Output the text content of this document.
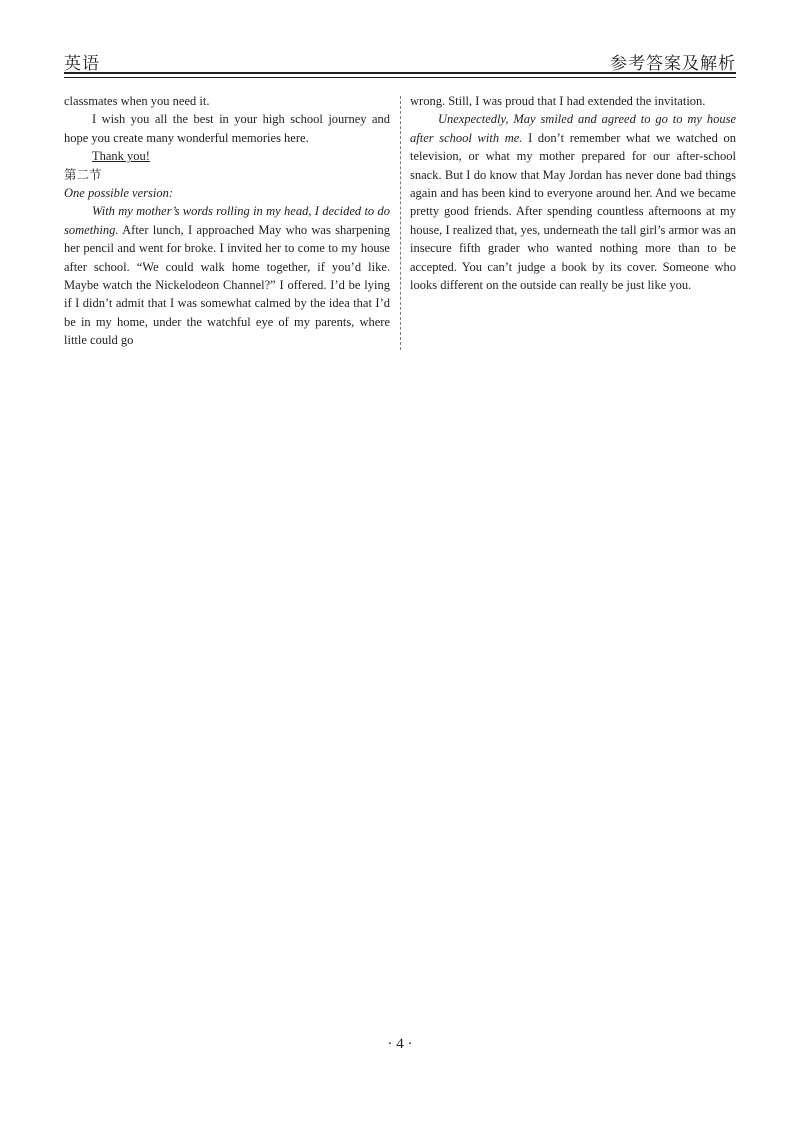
英语	参考答案及解析

classmates when you need it.

I wish you all the best in your high school journey and hope you create many wonderful memories here.

Thank you!

第二节

One possible version:

With my mother’s words rolling in my head, I decided to do something. After lunch, I approached May who was sharpening her pencil and went for broke. I invited her to come to my house after school. “We could walk home together, if you’d like. Maybe watch the Nickelodeon Channel?” I offered. I’d be lying if I didn’t admit that I was somewhat calmed by the idea that I’d be in my home, under the watchful eye of my parents, where little could go

wrong. Still, I was proud that I had extended the invitation.

Unexpectedly, May smiled and agreed to go to my house after school with me. I don’t remember what we watched on television, or what my mother prepared for our after-school snack. But I do know that May Jordan has never done bad things again and has been kind to everyone around her. And we became pretty good friends. After spending countless afternoons at my house, I realized that, yes, underneath the tall girl’s armor was an insecure fifth grader who wanted nothing more than to be accepted. You can’t judge a book by its cover. Someone who looks different on the outside can really be just like you.

· 4 ·
